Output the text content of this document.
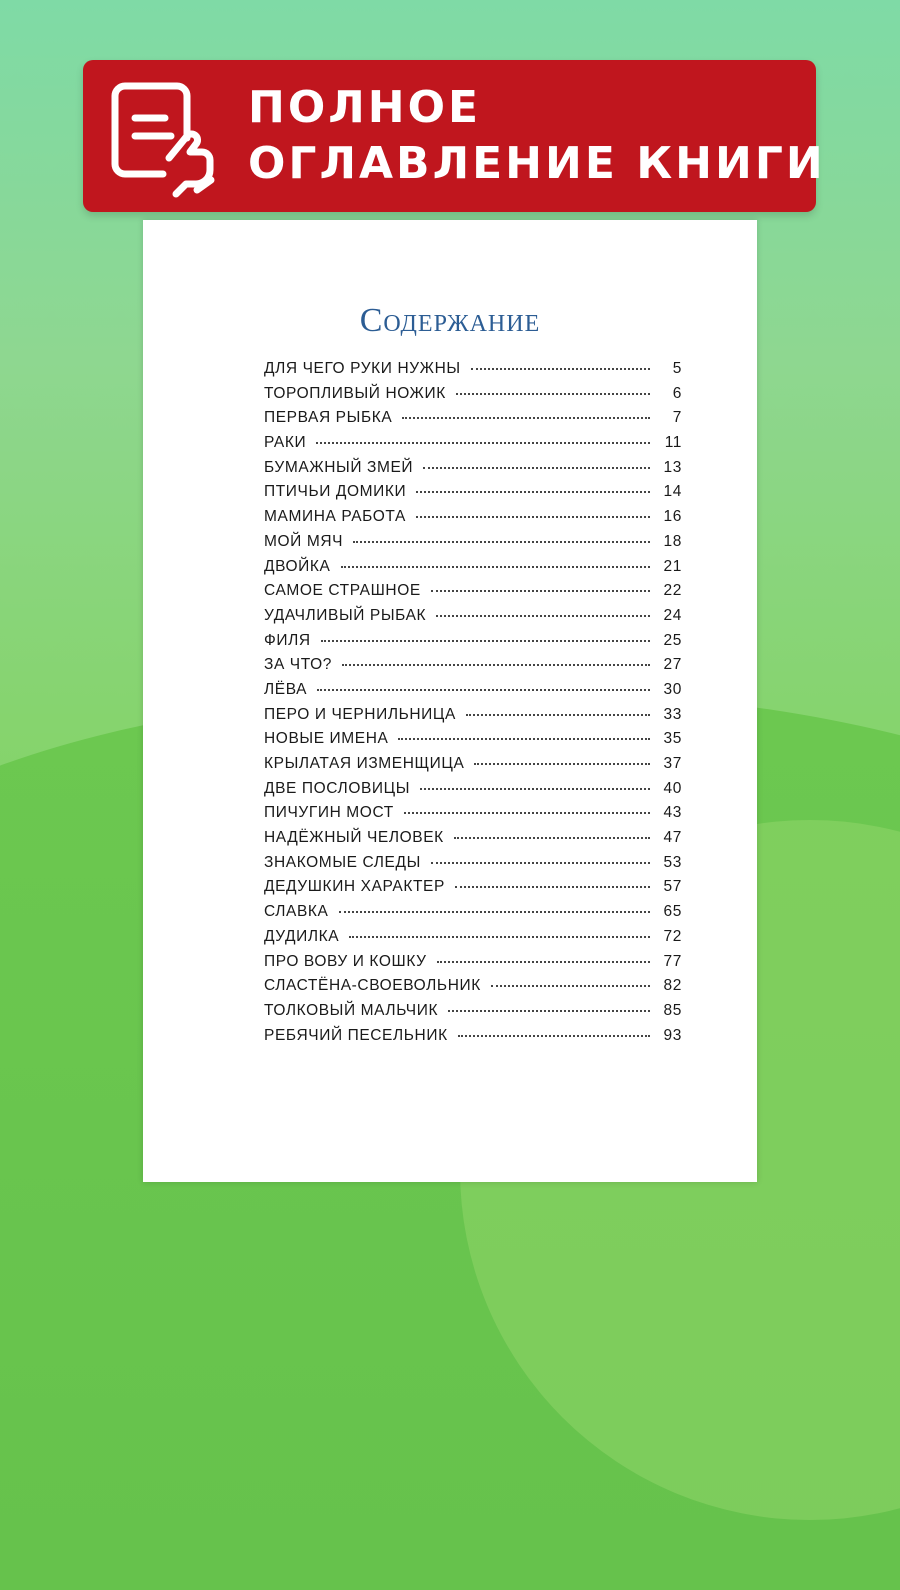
ПОЛНОЕ
ОГЛАВЛЕНИЕ КНИГИ
Содержание
ДЛЯ ЧЕГО РУКИ НУЖНЫ	5
ТОРОПЛИВЫЙ НОЖИК	6
ПЕРВАЯ РЫБКА	7
РАКИ	11
БУМАЖНЫЙ ЗМЕЙ	13
ПТИЧЬИ ДОМИКИ	14
МАМИНА РАБОТА	16
МОЙ МЯЧ	18
ДВОЙКА	21
САМОЕ СТРАШНОЕ	22
УДАЧЛИВЫЙ РЫБАК	24
ФИЛЯ	25
ЗА ЧТО?	27
ЛЁВА	30
ПЕРО И ЧЕРНИЛЬНИЦА	33
НОВЫЕ ИМЕНА	35
КРЫЛАТАЯ ИЗМЕНЩИЦА	37
ДВЕ ПОСЛОВИЦЫ	40
ПИЧУГИН МОСТ	43
НАДЁЖНЫЙ ЧЕЛОВЕК	47
ЗНАКОМЫЕ СЛЕДЫ	53
ДЕДУШКИН ХАРАКТЕР	57
СЛАВКА	65
ДУДИЛКА	72
ПРО ВОВУ И КОШКУ	77
СЛАСТЁНА-СВОЕВОЛЬНИК	82
ТОЛКОВЫЙ МАЛЬЧИК	85
РЕБЯЧИЙ ПЕСЕЛЬНИК	93
